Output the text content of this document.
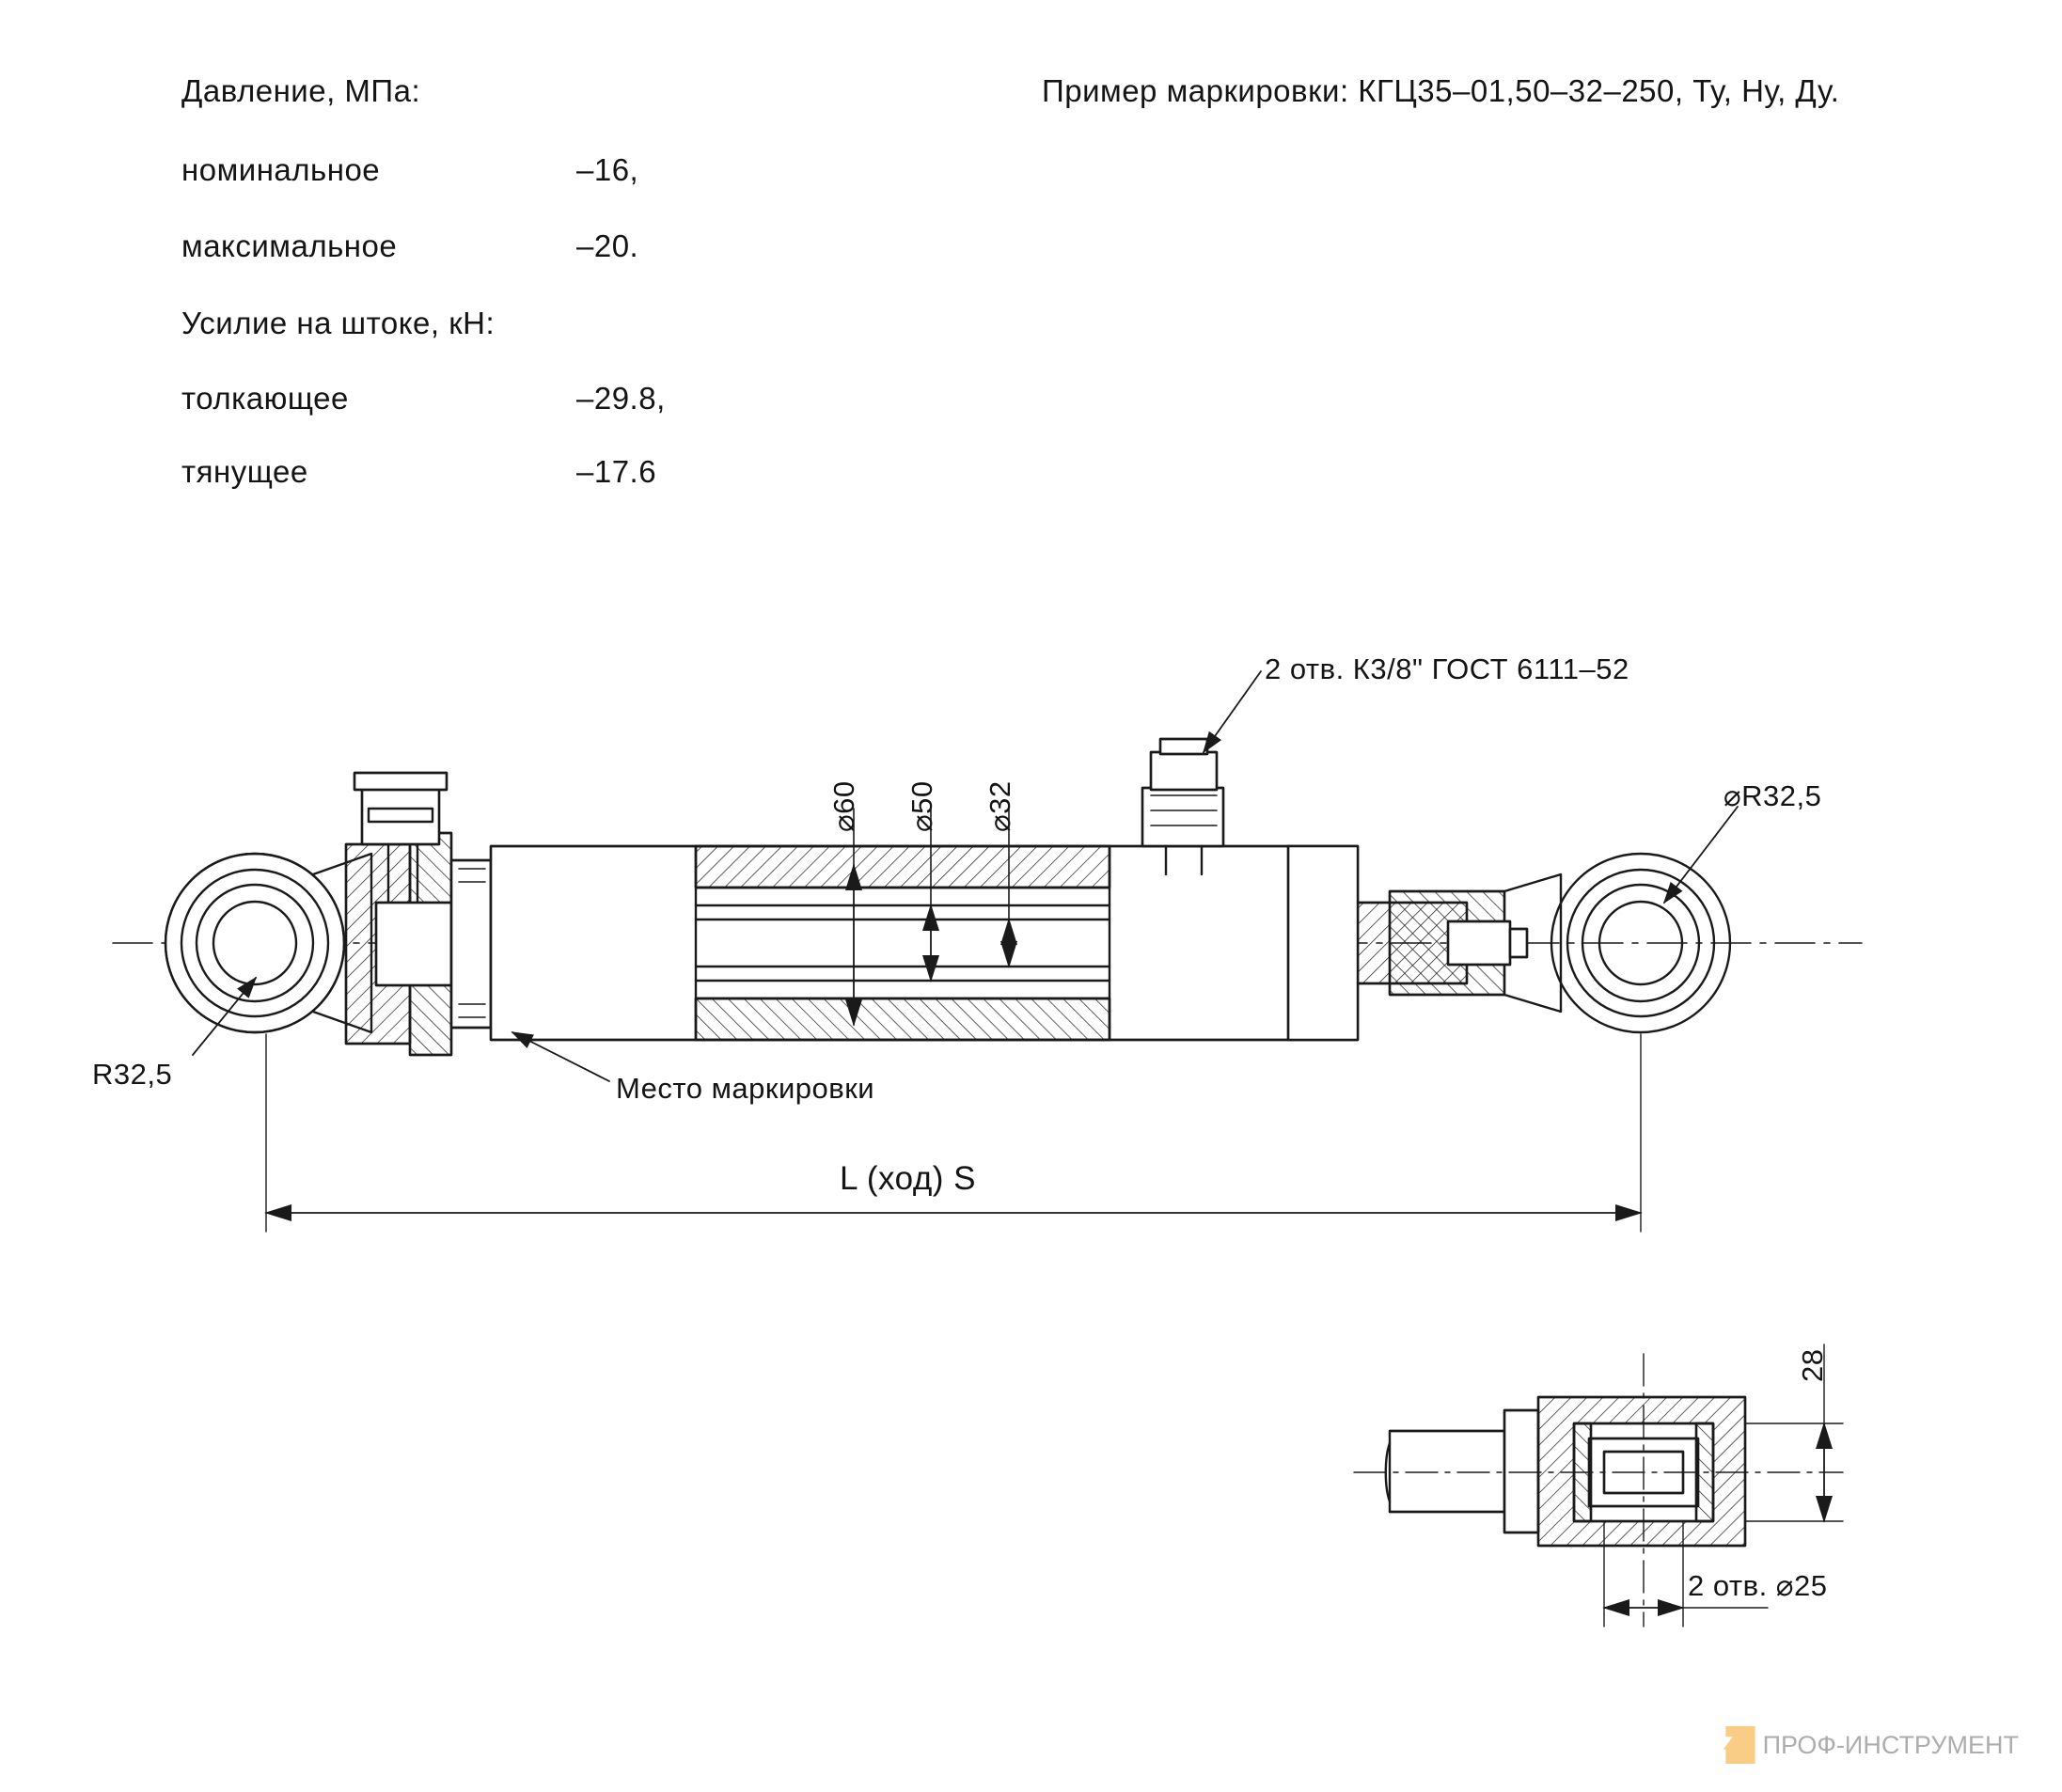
Давление, МПа:
номинальное	–16,
максимальное	–20.
Усилие на штоке, кН:
толкающее	–29.8,
тянущее	–17.6
Пример маркировки: КГЦ35–01,50–32–250, Ту, Ну, Ду.
2 отв. К3/8" ГОСТ 6111–52
Место маркировки
R32,5
⌀R32,5
L (ход) S
2 отв. ⌀25
28
⌀60 ⌀50 ⌀32
ПРОФ-ИНСТРУМЕНТ
